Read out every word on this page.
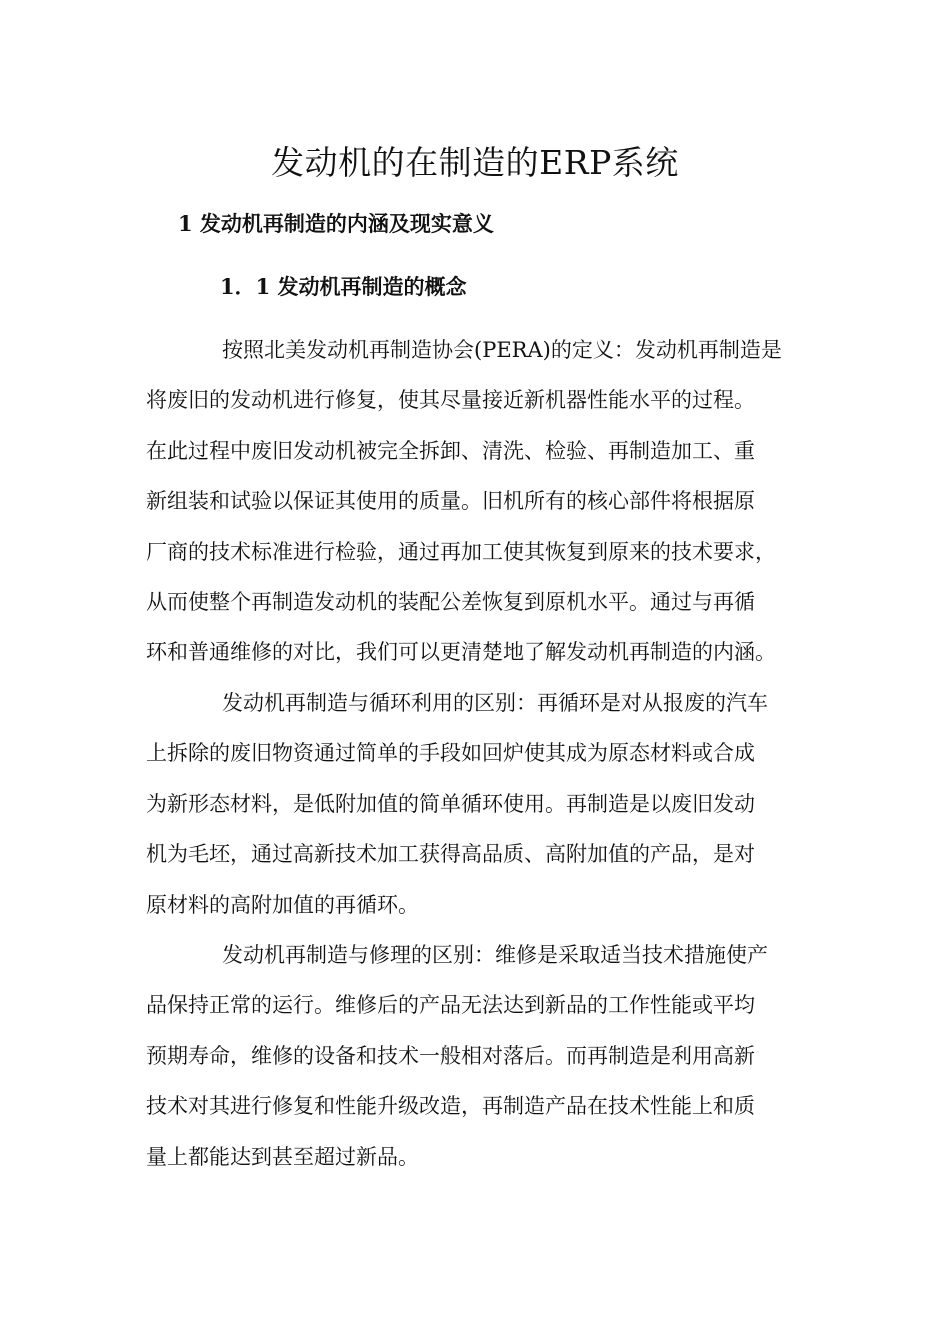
发动机的在制造的ERP系统
1 发动机再制造的内涵及现实意义
1．1 发动机再制造的概念
按照北美发动机再制造协会(PERA)的定义：发动机再制造是
将废旧的发动机进行修复，使其尽量接近新机器性能水平的过程。
在此过程中废旧发动机被完全拆卸、清洗、检验、再制造加工、重
新组装和试验以保证其使用的质量。旧机所有的核心部件将根据原
厂商的技术标准进行检验，通过再加工使其恢复到原来的技术要求，
从而使整个再制造发动机的装配公差恢复到原机水平。通过与再循
环和普通维修的对比，我们可以更清楚地了解发动机再制造的内涵。
发动机再制造与循环利用的区别：再循环是对从报废的汽车
上拆除的废旧物资通过简单的手段如回炉使其成为原态材料或合成
为新形态材料，是低附加值的简单循环使用。再制造是以废旧发动
机为毛坯，通过高新技术加工获得高品质、高附加值的产品，是对
原材料的高附加值的再循环。
发动机再制造与修理的区别：维修是采取适当技术措施使产
品保持正常的运行。维修后的产品无法达到新品的工作性能或平均
预期寿命，维修的设备和技术一般相对落后。而再制造是利用高新
技术对其进行修复和性能升级改造，再制造产品在技术性能上和质
量上都能达到甚至超过新品。
